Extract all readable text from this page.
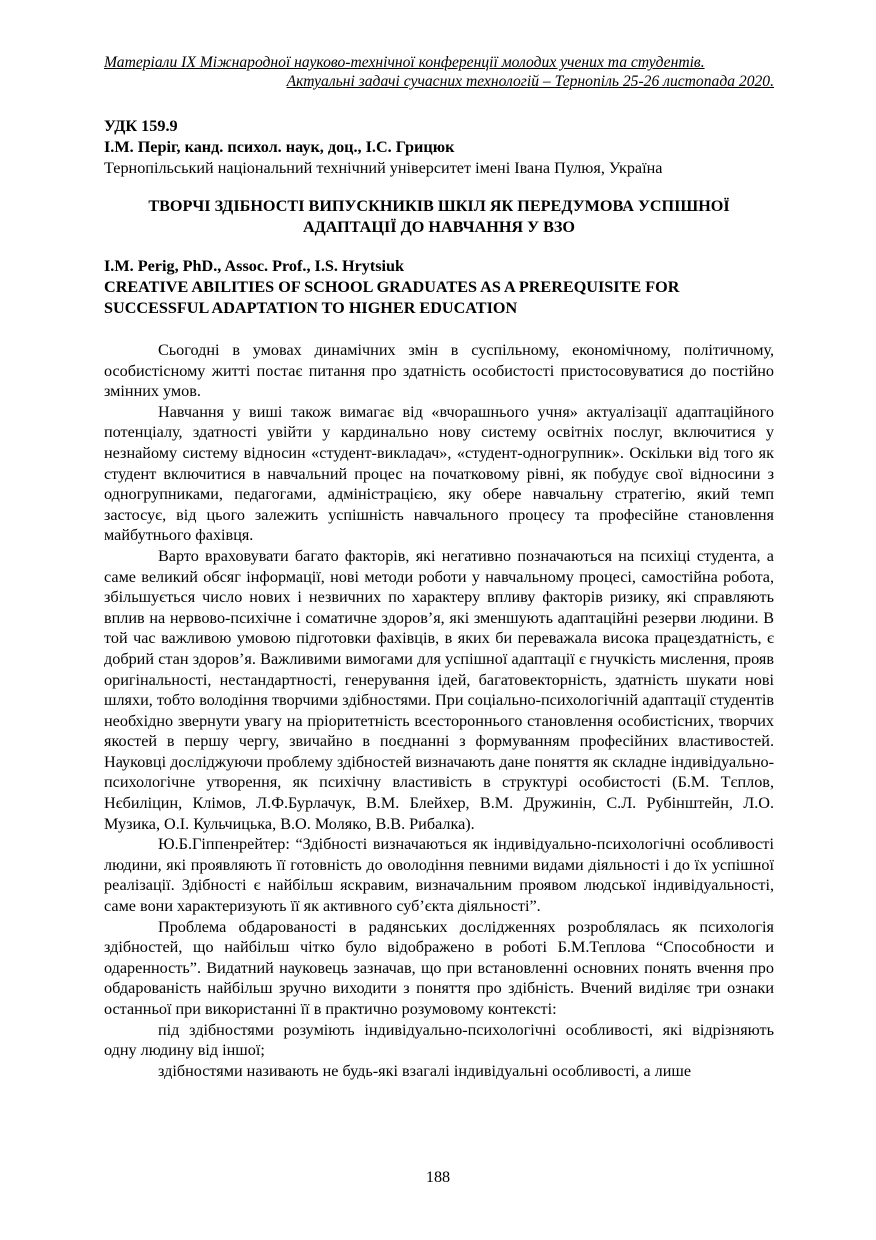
Матеріали IX Міжнародної науково-технічної конференції молодих учених та студентів.
Актуальні задачі сучасних технологій – Тернопіль 25-26 листопада 2020.
УДК 159.9
І.М. Періг, канд. психол. наук, доц., І.С. Грицюк
Тернопільський національний технічний університет імені Івана Пулюя, Україна
ТВОРЧІ ЗДІБНОСТІ ВИПУСКНИКІВ ШКІЛ ЯК ПЕРЕДУМОВА УСПІШНОЇ
АДАПТАЦІЇ ДО НАВЧАННЯ У ВЗО
I.M. Perig, PhD., Assoc. Prof., I.S. Hrytsiuk
CREATIVE ABILITIES OF SCHOOL GRADUATES AS A PREREQUISITE FOR
SUCCESSFUL ADAPTATION TO HIGHER EDUCATION

Сьогодні в умовах динамічних змін в суспільному, економічному, політичному, особистісному житті постає питання про здатність особистості пристосовуватися до постійно змінних умов.

Навчання у виші також вимагає від «вчорашнього учня» актуалізації адаптаційного потенціалу, здатності увійти у кардинально нову систему освітніх послуг, включитися у незнайому систему відносин «студент-викладач», «студент-одногрупник». Оскільки від того як студент включитися в навчальний процес на початковому рівні, як побудує свої відносини з одногрупниками, педагогами, адміністрацією, яку обере навчальну стратегію, який темп застосує, від цього залежить успішність навчального процесу та професійне становлення майбутнього фахівця.

Варто враховувати багато факторів, які негативно позначаються на психіці студента, а саме великий обсяг інформації, нові методи роботи у навчальному процесі, самостійна робота, збільшується число нових і незвичних по характеру впливу факторів ризику, які справляють вплив на нервово-психічне і соматичне здоров’я, які зменшують адаптаційні резерви людини. В той час важливою умовою підготовки фахівців, в яких би переважала висока працездатність, є добрий стан здоров’я. Важливими вимогами для успішної адаптації є гнучкість мислення, прояв оригінальності, нестандартності, генерування ідей, багатовекторність, здатність шукати нові шляхи, тобто володіння творчими здібностями. При соціально-психологічній адаптації студентів необхідно звернути увагу на пріоритетність всестороннього становлення особистісних, творчих якостей в першу чергу, звичайно в поєднанні з формуванням професійних властивостей. Науковці досліджуючи проблему здібностей визначають дане поняття як складне індивідуально-психологічне утворення, як психічну властивість в структурі особистості (Б.М. Тєплов, Нєбиліцин, Клімов, Л.Ф.Бурлачук, В.М. Блейхер, В.М. Дружинін, С.Л. Рубінштейн, Л.О. Музика, О.І. Кульчицька, В.О. Моляко, В.В. Рибалка).

Ю.Б.Гіппенрейтер: “Здібності визначаються як індивідуально-психологічні особливості людини, які проявляють її готовність до оволодіння певними видами діяльності і до їх успішної реалізації. Здібності є найбільш яскравим, визначальним проявом людської індивідуальності, саме вони характеризують її як активного суб’єкта діяльності”.

Проблема обдарованості в радянських дослідженнях розроблялась як психологія здібностей, що найбільш чітко було відображено в роботі Б.М.Теплова “Способности и одаренность”. Видатний науковець зазначав, що при встановленні основних понять вчення про обдарованість найбільш зручно виходити з поняття про здібність. Вчений виділяє три ознаки останньої при використанні її в практично розумовому контексті:

під здібностями розуміють індивідуально-психологічні особливості, які відрізняють одну людину від іншої;

здібностями називають не будь-які взагалі індивідуальні особливості, а лише

188
